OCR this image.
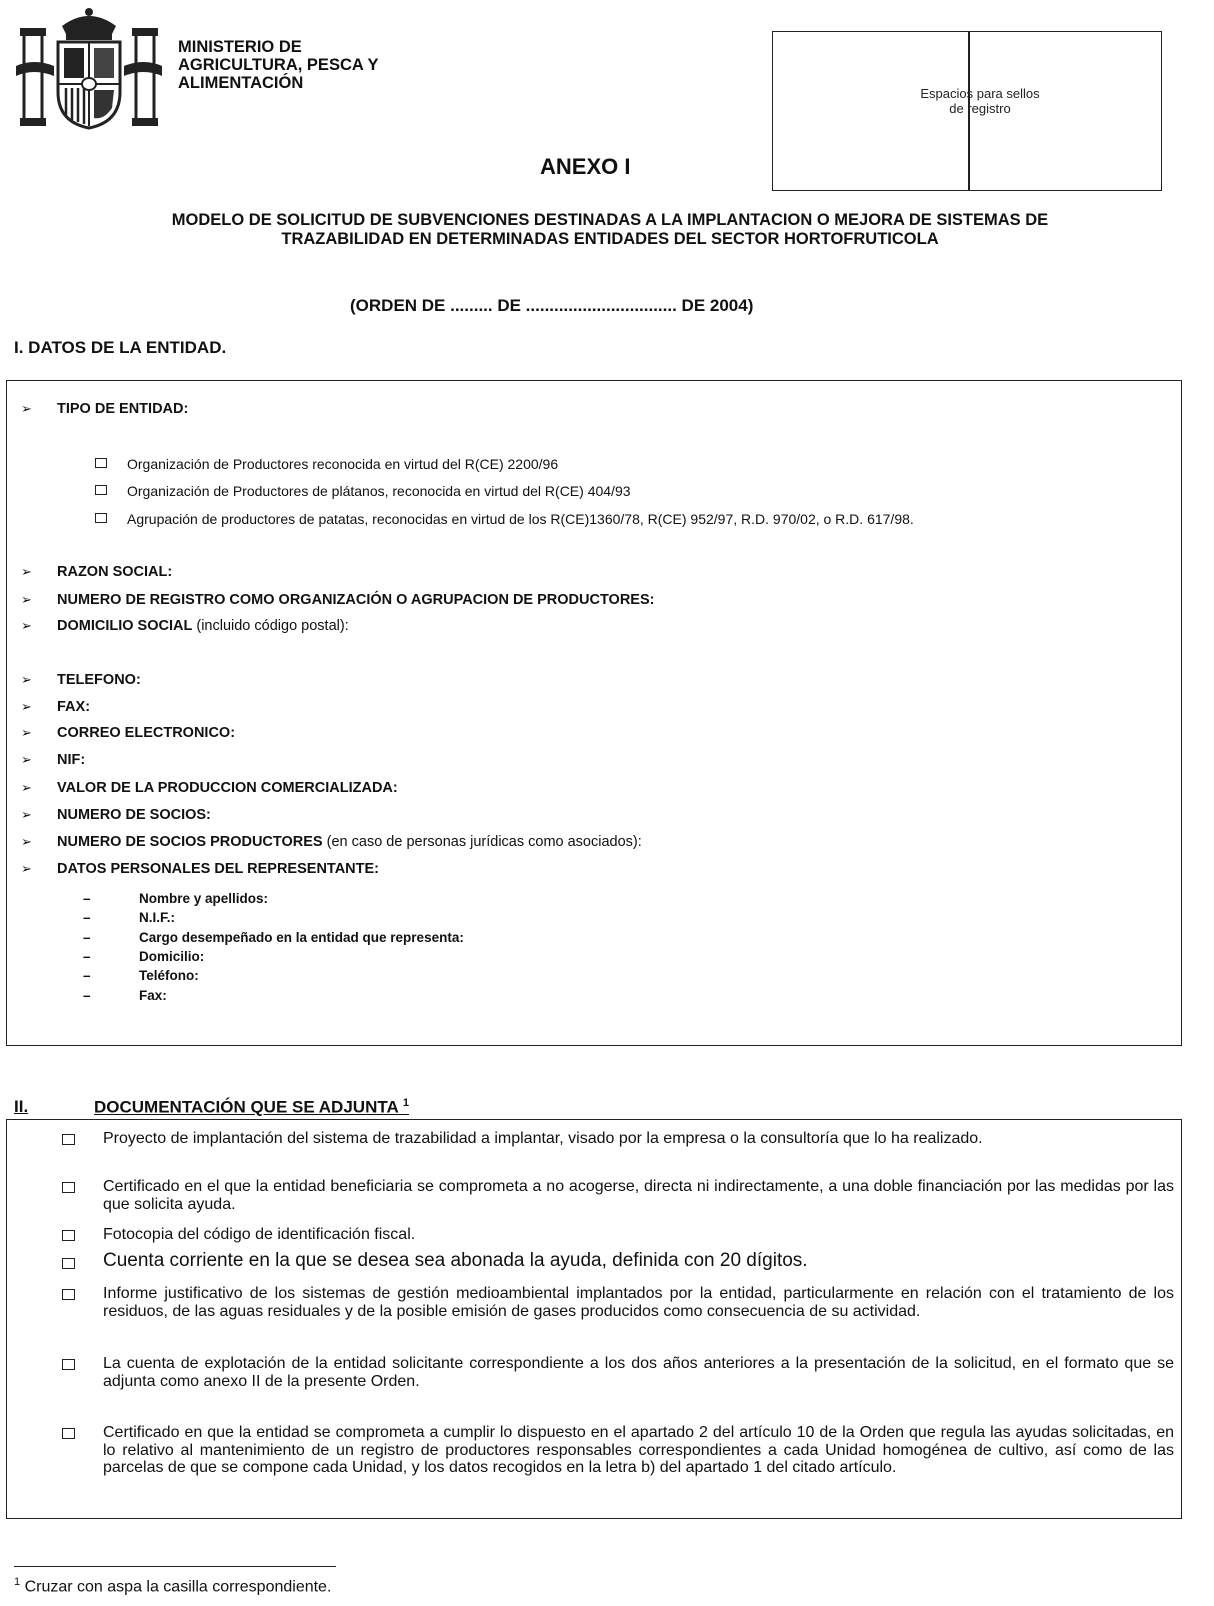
MINISTERIO DE
AGRICULTURA, PESCA Y
ALIMENTACIÓN
Espacios para sellos
de registro
ANEXO I
MODELO DE SOLICITUD DE SUBVENCIONES DESTINADAS A LA IMPLANTACION O MEJORA DE SISTEMAS DE
TRAZABILIDAD EN DETERMINADAS ENTIDADES DEL SECTOR HORTOFRUTICOLA
(ORDEN DE ......... DE ................................ DE 2004)
I. DATOS DE LA ENTIDAD.
➢ TIPO DE ENTIDAD:
Organización de Productores reconocida en virtud del R(CE) 2200/96
Organización de Productores de plátanos, reconocida en virtud del R(CE) 404/93
Agrupación de productores de patatas, reconocidas en virtud de los R(CE)1360/78, R(CE) 952/97, R.D. 970/02, o R.D. 617/98.
➢ RAZON SOCIAL:
➢ NUMERO DE REGISTRO COMO ORGANIZACIÓN O AGRUPACION DE PRODUCTORES:
➢ DOMICILIO SOCIAL (incluido código postal):
➢ TELEFONO:
➢ FAX:
➢ CORREO ELECTRONICO:
➢ NIF:
➢ VALOR DE LA PRODUCCION COMERCIALIZADA:
➢ NUMERO DE SOCIOS:
➢ NUMERO DE SOCIOS PRODUCTORES (en caso de personas jurídicas como asociados):
➢ DATOS PERSONALES DEL REPRESENTANTE:
–	Nombre y apellidos:
–	N.I.F.:
–	Cargo desempeñado en la entidad que representa:
–	Domicilio:
–	Teléfono:
–	Fax:
II.	DOCUMENTACIÓN QUE SE ADJUNTA $^1$
Proyecto de implantación del sistema de trazabilidad a implantar, visado por la empresa o la consultoría que lo ha realizado.
Certificado en el que la entidad beneficiaria se comprometa a no acogerse, directa ni indirectamente, a una doble financiación por las medidas por las que solicita ayuda.
Fotocopia del código de identificación fiscal.
Cuenta corriente en la que se desea sea abonada la ayuda, definida con 20 dígitos.
Informe justificativo de los sistemas de gestión medioambiental implantados por la entidad, particularmente en relación con el tratamiento de los residuos, de las aguas residuales y de la posible emisión de gases producidos como consecuencia de su actividad.
La cuenta de explotación de la entidad solicitante correspondiente a los dos años anteriores a la presentación de la solicitud, en el formato que se adjunta como anexo II de la presente Orden.
Certificado en que la entidad se comprometa a cumplir lo dispuesto en el apartado 2 del artículo 10 de la Orden que regula las ayudas solicitadas, en lo relativo al mantenimiento de un registro de productores responsables correspondientes a cada Unidad homogénea de cultivo, así como de las parcelas de que se compone cada Unidad, y los datos recogidos en la letra b) del apartado 1 del citado artículo.
$^1$ Cruzar con aspa la casilla correspondiente.
